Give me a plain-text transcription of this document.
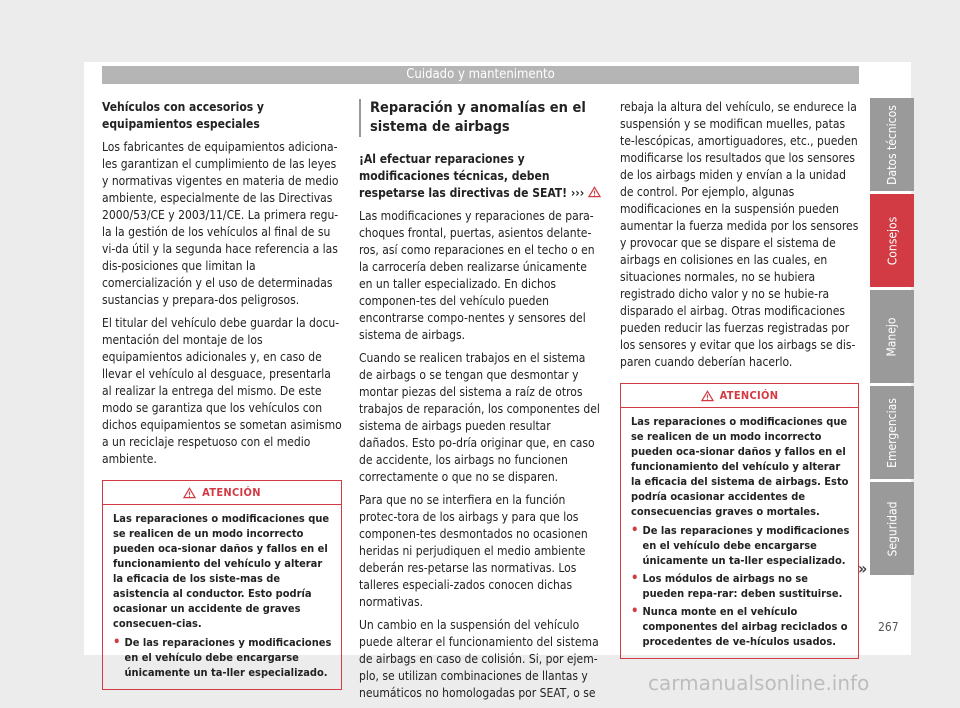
Cuidado y mantenimento
Vehículos con accesorios y equipamientos especiales

Los fabricantes de equipamientos adiciona-les garantizan el cumplimiento de las leyes y normativas vigentes en materia de medio ambiente, especialmente de las Directivas 2000/53/CE y 2003/11/CE. La primera regu-la la gestión de los vehículos al final de su vi-da útil y la segunda hace referencia a las dis-posiciones que limitan la comercialización y el uso de determinadas sustancias y prepara-dos peligrosos.

El titular del vehículo debe guardar la docu-mentación del montaje de los equipamientos adicionales y, en caso de llevar el vehículo al desguace, presentarla al realizar la entrega del mismo. De este modo se garantiza que los vehículos con dichos equipamientos se sometan asimismo a un reciclaje respetuoso con el medio ambiente.

ATENCIÓN
Las reparaciones o modificaciones que se realicen de un modo incorrecto pueden oca-sionar daños y fallos en el funcionamiento del vehículo y alterar la eficacia de los siste-mas de asistencia al conductor. Esto podría ocasionar un accidente de graves consecuen-cias.
• De las reparaciones y modificaciones en el vehículo debe encargarse únicamente un ta-ller especializado.
Reparación y anomalías en el sistema de airbags
¡Al efectuar reparaciones y modificaciones técnicas, deben respetarse las directivas de SEAT! ›››

Las modificaciones y reparaciones de para-choques frontal, puertas, asientos delante-ros, así como reparaciones en el techo o en la carrocería deben realizarse únicamente en un taller especializado. En dichos componen-tes del vehículo pueden encontrarse compo-nentes y sensores del sistema de airbags.

Cuando se realicen trabajos en el sistema de airbags o se tengan que desmontar y montar piezas del sistema a raíz de otros trabajos de reparación, los componentes del sistema de airbags pueden resultar dañados. Esto po-dría originar que, en caso de accidente, los airbags no funcionen correctamente o que no se disparen.

Para que no se interfiera en la función protec-tora de los airbags y para que los componen-tes desmontados no ocasionen heridas ni perjudiquen el medio ambiente deberán res-petarse las normativas. Los talleres especiali-zados conocen dichas normativas.

Un cambio en la suspensión del vehículo puede alterar el funcionamiento del sistema de airbags en caso de colisión. Si, por ejem-plo, se utilizan combinaciones de llantas y neumáticos no homologadas por SEAT, o se

rebaja la altura del vehículo, se endurece la suspensión y se modifican muelles, patas te-lescópicas, amortiguadores, etc., pueden modificarse los resultados que los sensores de los airbags miden y envían a la unidad de control. Por ejemplo, algunas modificaciones en la suspensión pueden aumentar la fuerza medida por los sensores y provocar que se dispare el sistema de airbags en colisiones en las cuales, en situaciones normales, no se hubiera registrado dicho valor y no se hubie-ra disparado el airbag. Otras modificaciones pueden reducir las fuerzas registradas por los sensores y evitar que los airbags se dis-paren cuando deberían hacerlo.

ATENCIÓN
Las reparaciones o modificaciones que se realicen de un modo incorrecto pueden oca-sionar daños y fallos en el funcionamiento del vehículo y alterar la eficacia del sistema de airbags. Esto podría ocasionar accidentes de consecuencias graves o mortales.
• De las reparaciones y modificaciones en el vehículo debe encargarse únicamente un ta-ller especializado.
• Los módulos de airbags no se pueden repa-rar: deben sustituirse.
• Nunca monte en el vehículo componentes del airbag reciclados o procedentes de ve-hículos usados.
»
Datos técnicos
Consejos
Manejo
Emergencias
Seguridad
267
carmanualsonline.info
